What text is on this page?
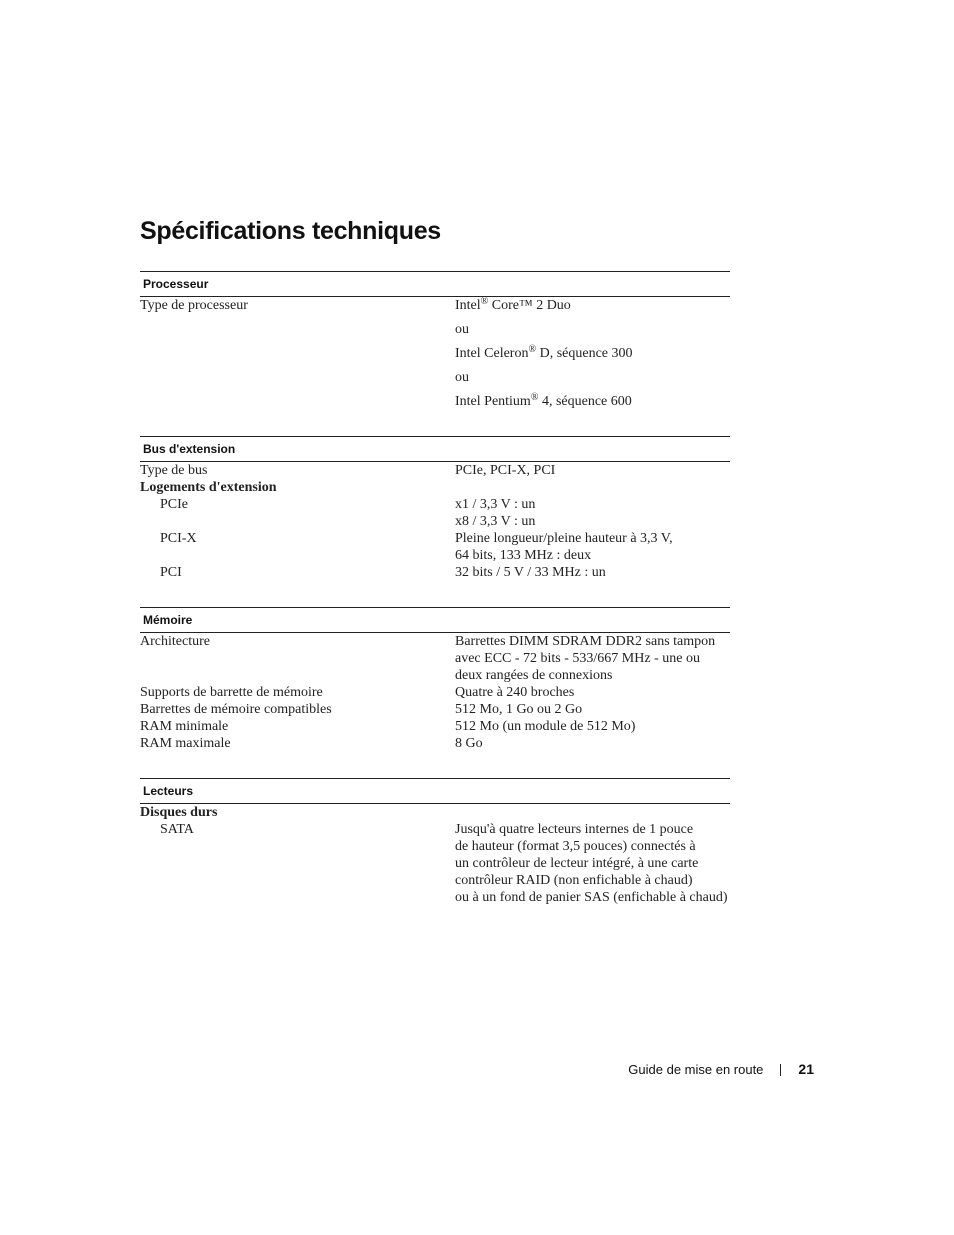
Spécifications techniques
Processeur	
Type de processeur	Intel® Core™ 2 Duo
ou
Intel Celeron® D, séquence 300
ou
Intel Pentium® 4, séquence 600

Bus d'extension	
Type de bus	PCIe, PCI-X, PCI
Logements d'extension	
PCIe	x1 / 3,3 V : un
	x8 / 3,3 V : un
PCI-X	Pleine longueur/pleine hauteur à 3,3 V,
64 bits, 133 MHz : deux

PCI	32 bits / 5 V / 33 MHz : un

Mémoire	
Architecture	Barrettes DIMM SDRAM DDR2 sans tampon
avec ECC - 72 bits - 533/667 MHz - une ou
deux rangées de connexions

Supports de barrette de mémoire	Quatre à 240 broches
Barrettes de mémoire compatibles	512 Mo, 1 Go ou 2 Go
RAM minimale	512 Mo (un module de 512 Mo)
RAM maximale	8 Go

Lecteurs	
Disques durs	
SATA	Jusqu'à quatre lecteurs internes de 1 pouce
de hauteur (format 3,5 pouces) connectés à
un contrôleur de lecteur intégré, à une carte
contrôleur RAID (non enfichable à chaud)
ou à un fond de panier SAS (enfichable à chaud)
Guide de mise en route	21
